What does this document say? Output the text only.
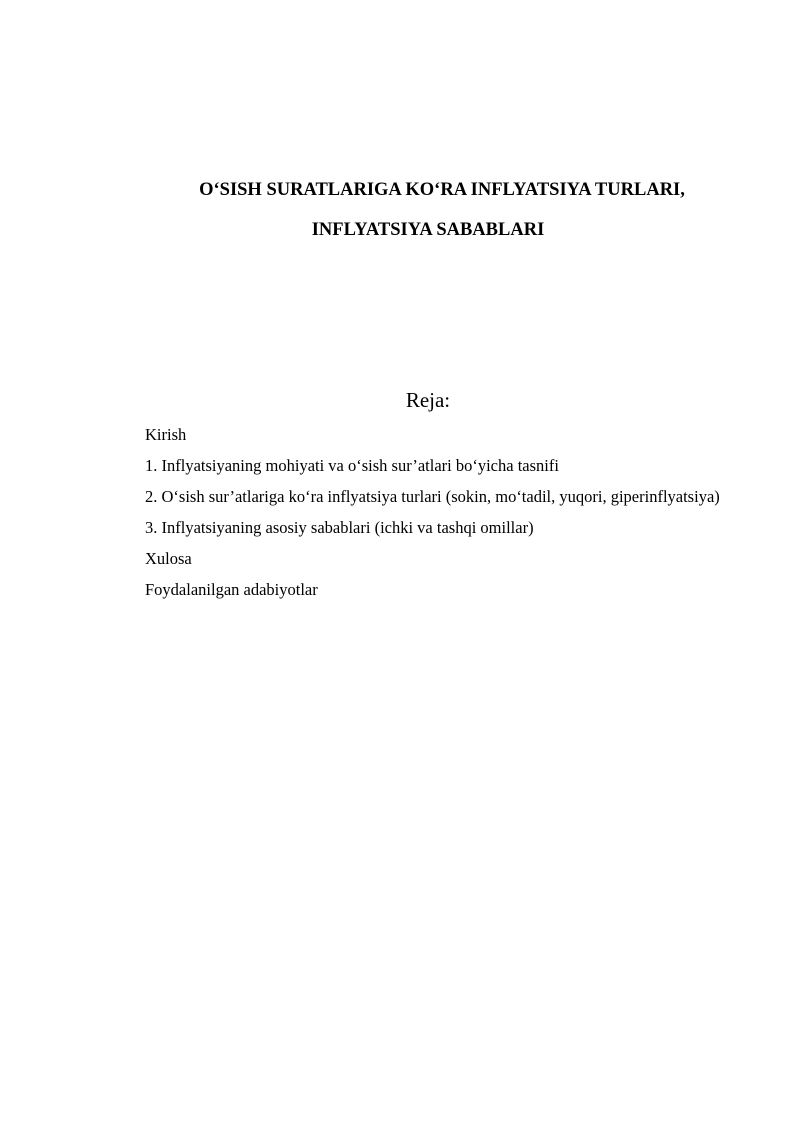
O‘SISH SURATLARIGA KO‘RA INFLYATSIYA TURLARI,
INFLYATSIYA SABABLARI
Reja:
Kirish
1. Inflyatsiyaning mohiyati va o‘sish sur’atlari bo‘yicha tasnifi
2. O‘sish sur’atlariga ko‘ra inflyatsiya turlari (sokin, mo‘tadil, yuqori, giperinflyatsiya)
3. Inflyatsiyaning asosiy sabablari (ichki va tashqi omillar)
Xulosa
Foydalanilgan adabiyotlar
